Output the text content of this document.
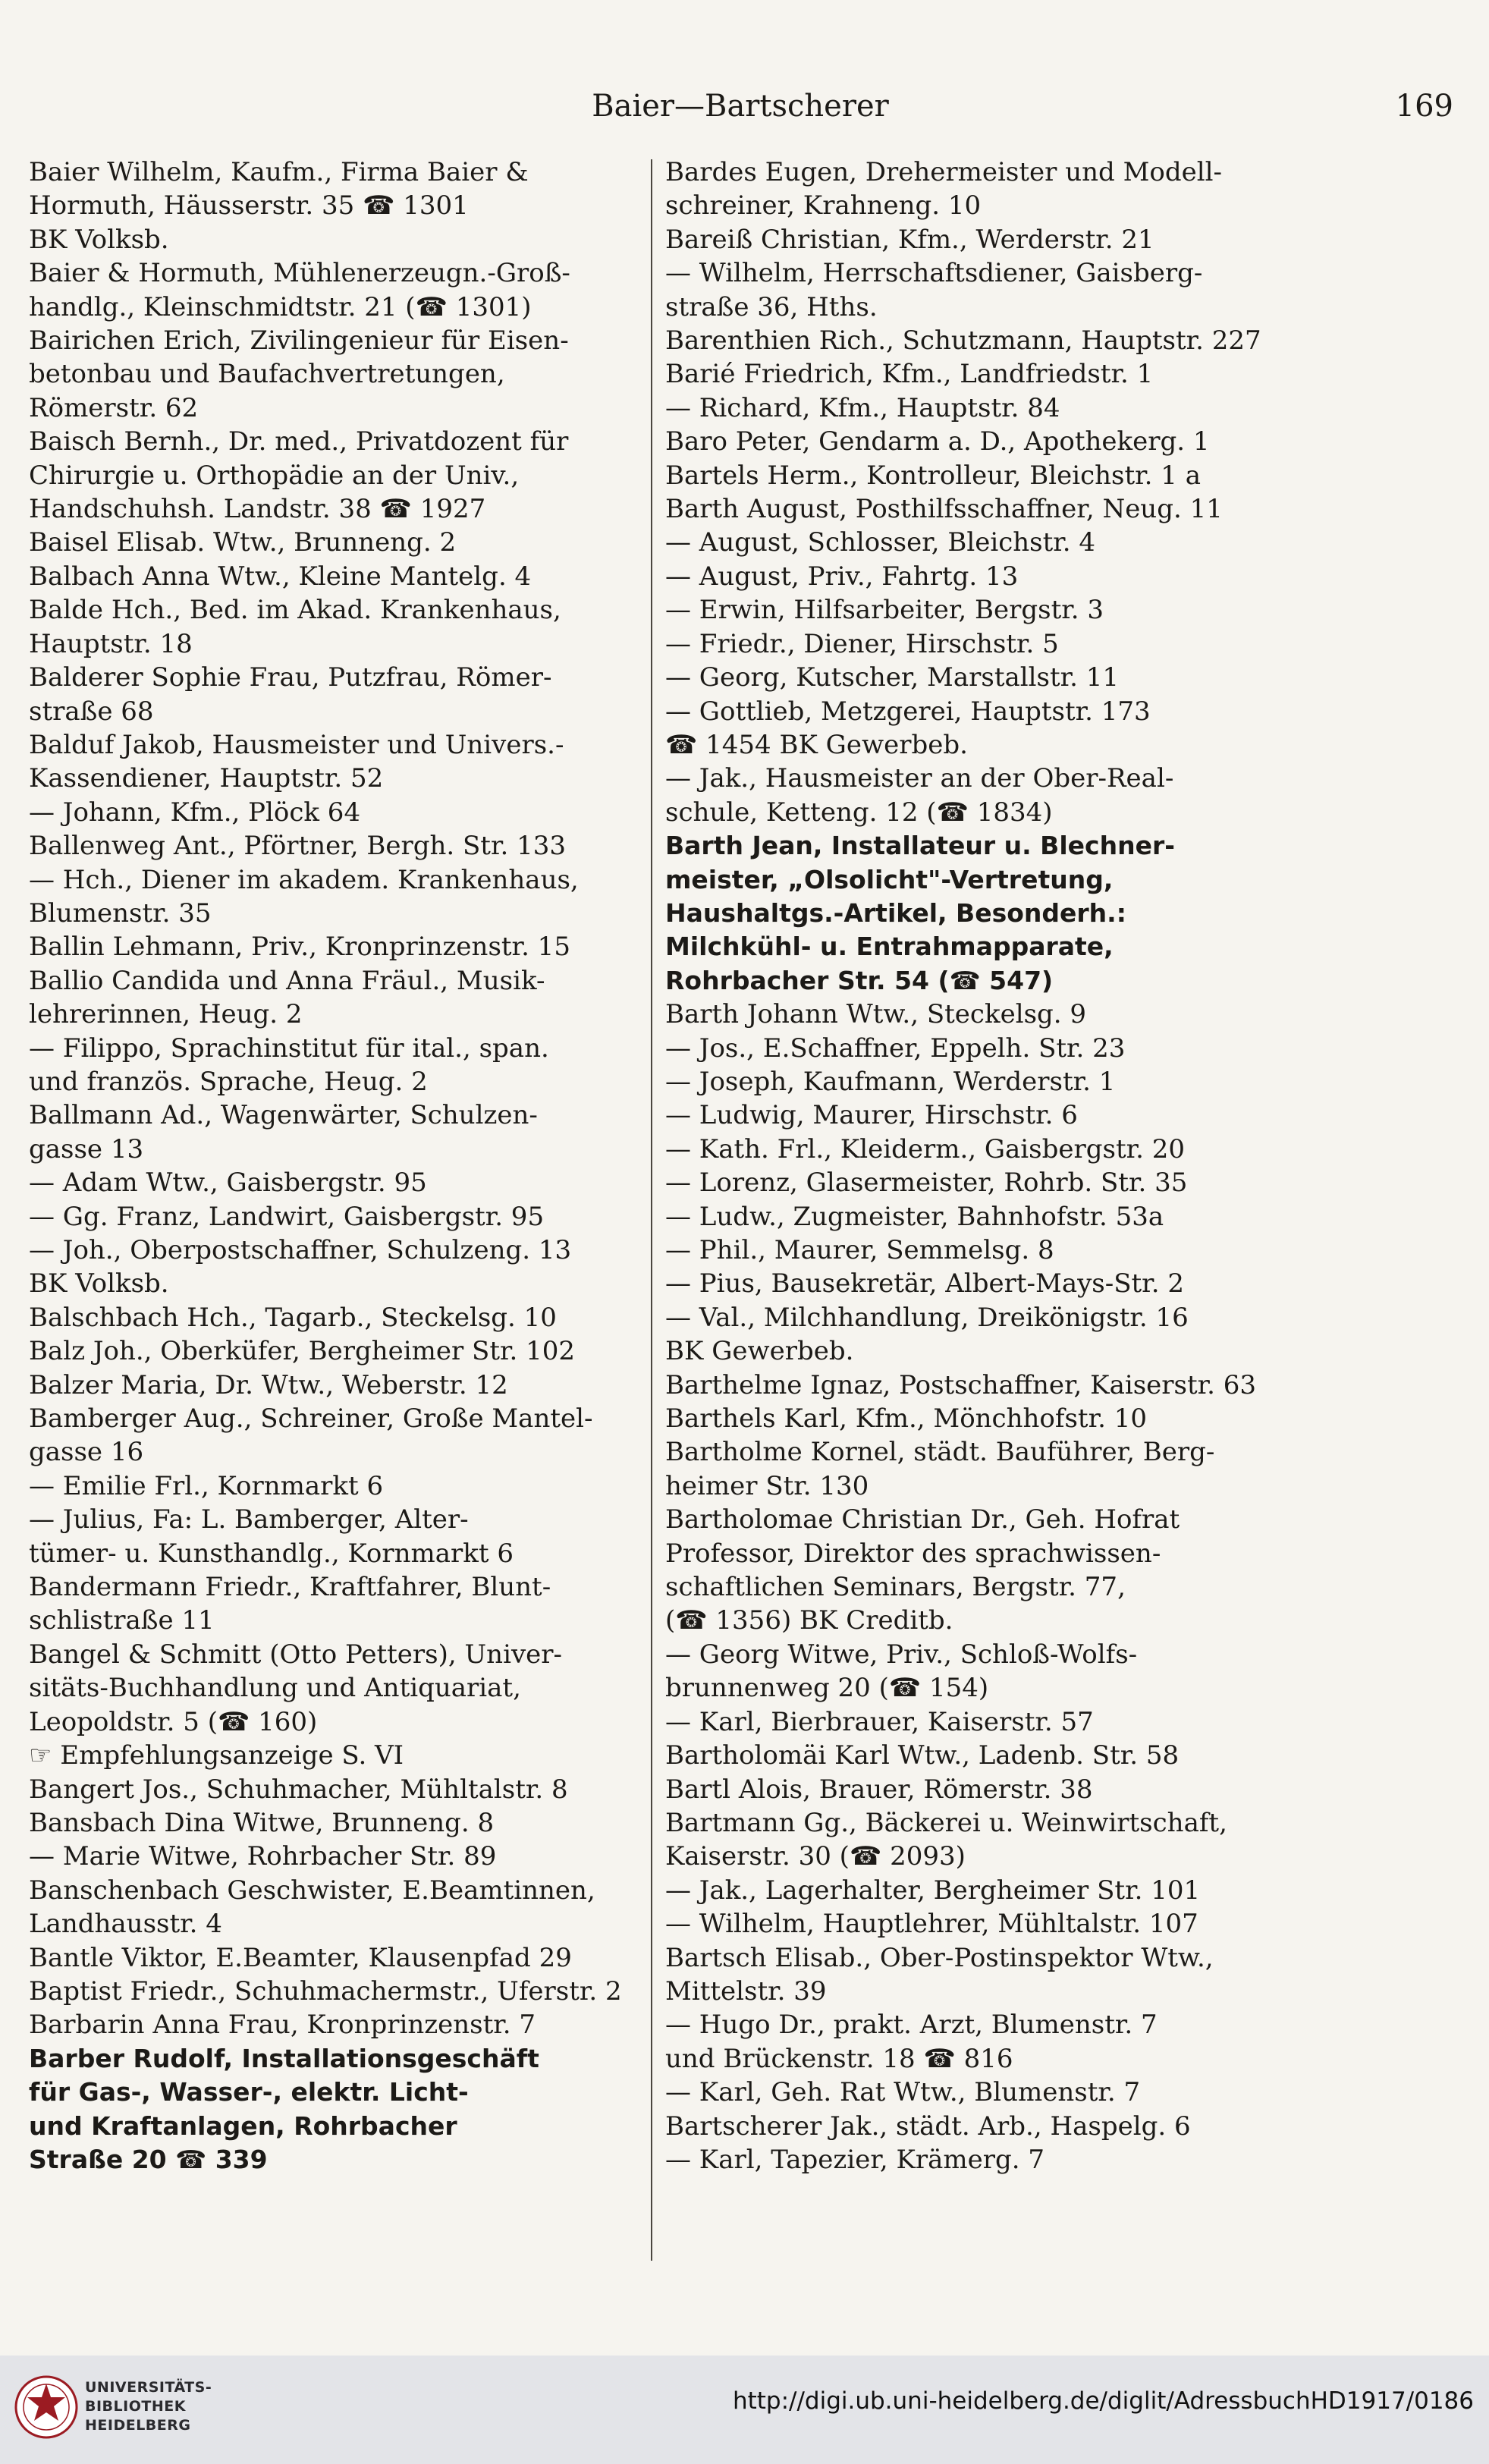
Baier—Bartscherer	169
Baier Wilhelm, Kaufm., Firma Baier &
Hormuth, Häusserstr. 35 ☎ 1301
BK Volksb.
Baier & Hormuth, Mühlenerzeugn.-Groß-
handlg., Kleinschmidtstr. 21 (☎ 1301)
Bairichen Erich, Zivilingenieur für Eisen-
betonbau und Baufachvertretungen,
Römerstr. 62
Baisch Bernh., Dr. med., Privatdozent für
Chirurgie u. Orthopädie an der Univ.,
Handschuhsh. Landstr. 38 ☎ 1927
Baisel Elisab. Wtw., Brunneng. 2
Balbach Anna Wtw., Kleine Mantelg. 4
Balde Hch., Bed. im Akad. Krankenhaus,
Hauptstr. 18
Balderer Sophie Frau, Putzfrau, Römer-
straße 68
Balduf Jakob, Hausmeister und Univers.-
Kassendiener, Hauptstr. 52
— Johann, Kfm., Plöck 64
Ballenweg Ant., Pförtner, Bergh. Str. 133
— Hch., Diener im akadem. Krankenhaus,
Blumenstr. 35
Ballin Lehmann, Priv., Kronprinzenstr. 15
Ballio Candida und Anna Fräul., Musik-
lehrerinnen, Heug. 2
— Filippo, Sprachinstitut für ital., span.
und französ. Sprache, Heug. 2
Ballmann Ad., Wagenwärter, Schulzen-
gasse 13
— Adam Wtw., Gaisbergstr. 95
— Gg. Franz, Landwirt, Gaisbergstr. 95
— Joh., Oberpostschaffner, Schulzeng. 13
BK Volksb.
Balschbach Hch., Tagarb., Steckelsg. 10
Balz Joh., Oberküfer, Bergheimer Str. 102
Balzer Maria, Dr. Wtw., Weberstr. 12
Bamberger Aug., Schreiner, Große Mantel-
gasse 16
— Emilie Frl., Kornmarkt 6
— Julius, Fa: L. Bamberger, Alter-
tümer- u. Kunsthandlg., Kornmarkt 6
Bandermann Friedr., Kraftfahrer, Blunt-
schlistraße 11
Bangel & Schmitt (Otto Petters), Univer-
sitäts-Buchhandlung und Antiquariat,
Leopoldstr. 5 (☎ 160)
☞ Empfehlungsanzeige S. VI
Bangert Jos., Schuhmacher, Mühltalstr. 8
Bansbach Dina Witwe, Brunneng. 8
— Marie Witwe, Rohrbacher Str. 89
Banschenbach Geschwister, E.Beamtinnen,
Landhausstr. 4
Bantle Viktor, E.Beamter, Klausenpfad 29
Baptist Friedr., Schuhmachermstr., Uferstr. 2
Barbarin Anna Frau, Kronprinzenstr. 7
Barber Rudolf, Installationsgeschäft
für Gas-, Wasser-, elektr. Licht-
und Kraftanlagen, Rohrbacher
Straße 20 ☎ 339
Bardes Eugen, Drehermeister und Modell-
schreiner, Krahneng. 10
Bareiß Christian, Kfm., Werderstr. 21
— Wilhelm, Herrschaftsdiener, Gaisberg-
straße 36, Hths.
Barenthien Rich., Schutzmann, Hauptstr. 227
Barié Friedrich, Kfm., Landfriedstr. 1
— Richard, Kfm., Hauptstr. 84
Baro Peter, Gendarm a. D., Apothekerg. 1
Bartels Herm., Kontrolleur, Bleichstr. 1 a
Barth August, Posthilfsschaffner, Neug. 11
— August, Schlosser, Bleichstr. 4
— August, Priv., Fahrtg. 13
— Erwin, Hilfsarbeiter, Bergstr. 3
— Friedr., Diener, Hirschstr. 5
— Georg, Kutscher, Marstallstr. 11
— Gottlieb, Metzgerei, Hauptstr. 173
☎ 1454 BK Gewerbeb.
— Jak., Hausmeister an der Ober-Real-
schule, Ketteng. 12 (☎ 1834)
Barth Jean, Installateur u. Blechner-
meister, „Olsolicht"-Vertretung,
Haushaltgs.-Artikel, Besonderh.:
Milchkühl- u. Entrahmapparate,
Rohrbacher Str. 54 (☎ 547)
Barth Johann Wtw., Steckelsg. 9
— Jos., E.Schaffner, Eppelh. Str. 23
— Joseph, Kaufmann, Werderstr. 1
— Ludwig, Maurer, Hirschstr. 6
— Kath. Frl., Kleiderm., Gaisbergstr. 20
— Lorenz, Glasermeister, Rohrb. Str. 35
— Ludw., Zugmeister, Bahnhofstr. 53a
— Phil., Maurer, Semmelsg. 8
— Pius, Bausekretär, Albert-Mays-Str. 2
— Val., Milchhandlung, Dreikönigstr. 16
BK Gewerbeb.
Barthelme Ignaz, Postschaffner, Kaiserstr. 63
Barthels Karl, Kfm., Mönchhofstr. 10
Bartholme Kornel, städt. Bauführer, Berg-
heimer Str. 130
Bartholomae Christian Dr., Geh. Hofrat
Professor, Direktor des sprachwissen-
schaftlichen Seminars, Bergstr. 77,
(☎ 1356) BK Creditb.
— Georg Witwe, Priv., Schloß-Wolfs-
brunnenweg 20 (☎ 154)
— Karl, Bierbrauer, Kaiserstr. 57
Bartholomäi Karl Wtw., Ladenb. Str. 58
Bartl Alois, Brauer, Römerstr. 38
Bartmann Gg., Bäckerei u. Weinwirtschaft,
Kaiserstr. 30 (☎ 2093)
— Jak., Lagerhalter, Bergheimer Str. 101
— Wilhelm, Hauptlehrer, Mühltalstr. 107
Bartsch Elisab., Ober-Postinspektor Wtw.,
Mittelstr. 39
— Hugo Dr., prakt. Arzt, Blumenstr. 7
und Brückenstr. 18 ☎ 816
— Karl, Geh. Rat Wtw., Blumenstr. 7
Bartscherer Jak., städt. Arb., Haspelg. 6
— Karl, Tapezier, Krämerg. 7
UNIVERSITÄTS-
BIBLIOTHEK
HEIDELBERG
http://digi.ub.uni-heidelberg.de/diglit/AdressbuchHD1917/0186
